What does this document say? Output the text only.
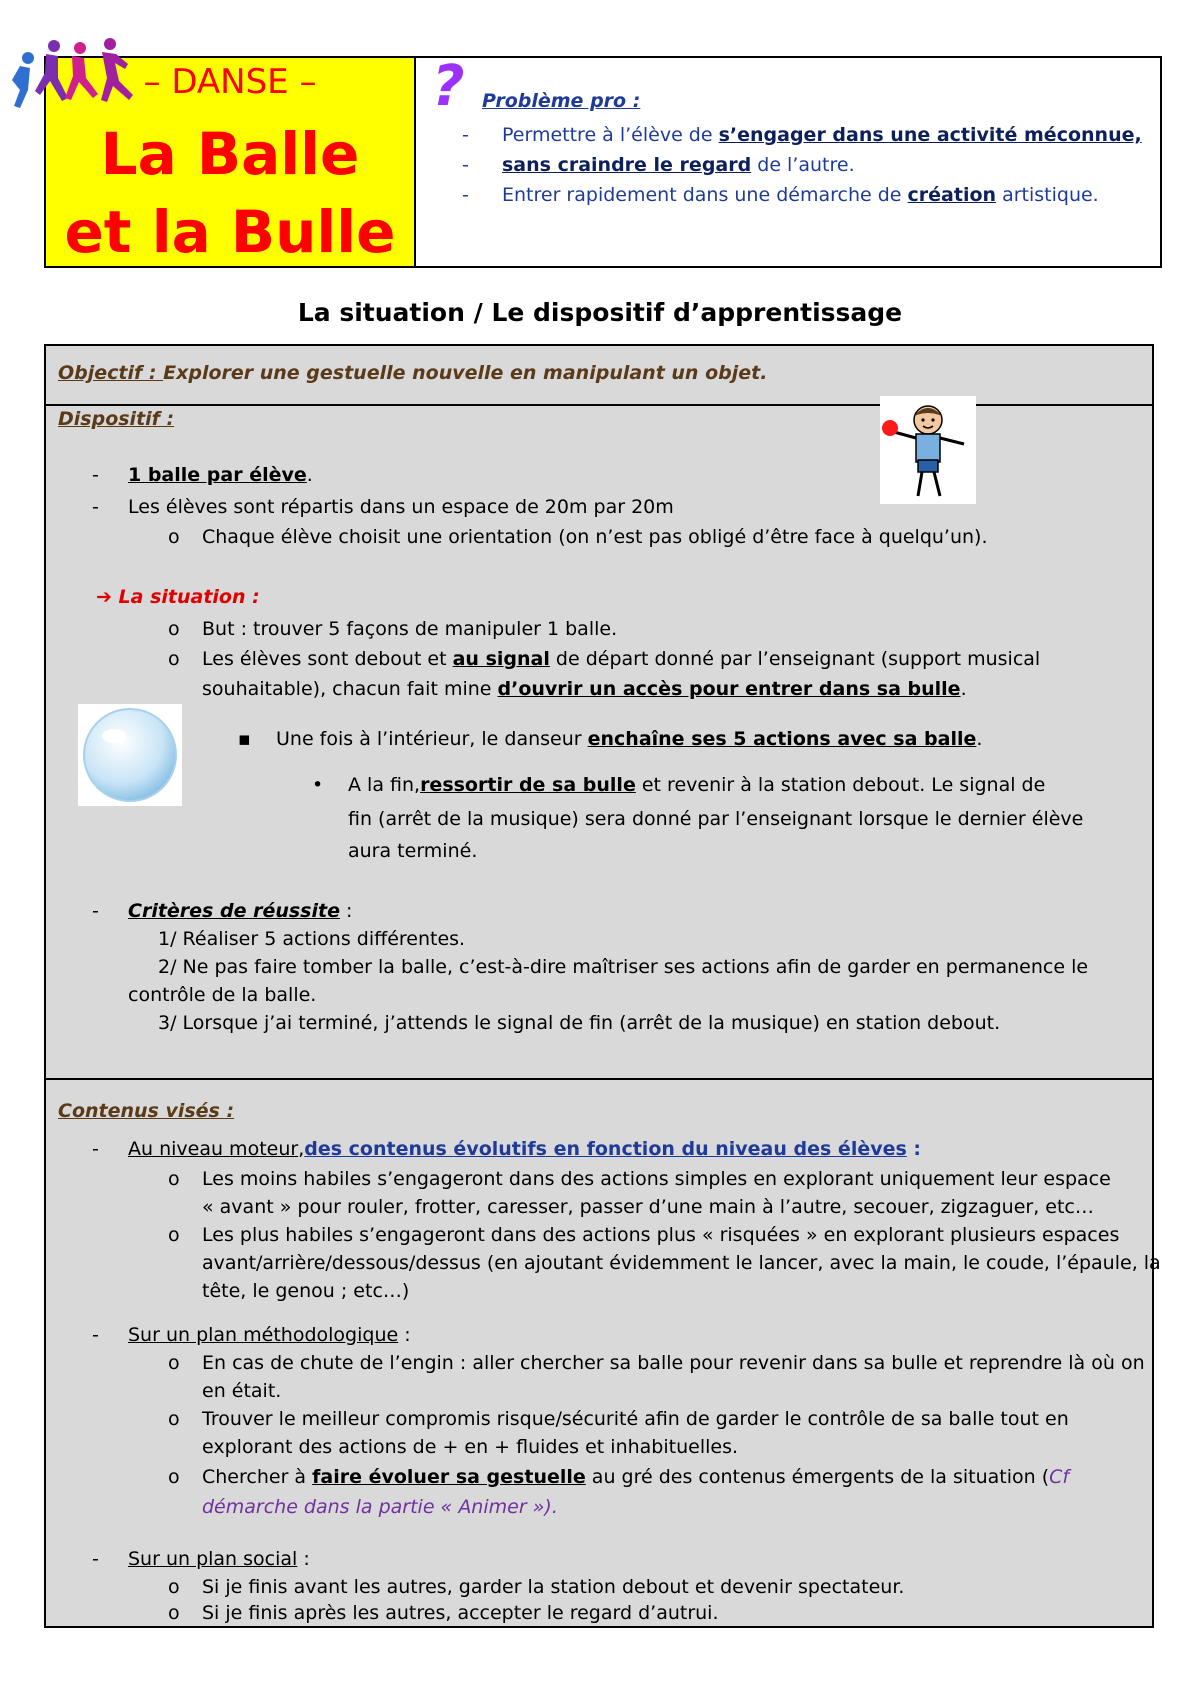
– DANSE –
La Balle
et la Bulle
? Problème pro :
- Permettre à l’élève de s’engager dans une activité méconnue,
- sans craindre le regard de l’autre.
- Entrer rapidement dans une démarche de création artistique.
La situation / Le dispositif d’apprentissage
Objectif : Explorer une gestuelle nouvelle en manipulant un objet.
Dispositif :
- 1 balle par élève.
- Les élèves sont répartis dans un espace de 20m par 20m
o Chaque élève choisit une orientation (on n’est pas obligé d’être face à quelqu’un).
➔ La situation :
o But : trouver 5 façons de manipuler 1 balle.
o Les élèves sont debout et au signal de départ donné par l’enseignant (support musical
souhaitable), chacun fait mine d’ouvrir un accès pour entrer dans sa bulle.
▪ Une fois à l’intérieur, le danseur enchaîne ses 5 actions avec sa balle.
• A la fin,ressortir de sa bulle et revenir à la station debout. Le signal de
fin (arrêt de la musique) sera donné par l’enseignant lorsque le dernier élève
aura terminé.
- Critères de réussite :
1/ Réaliser 5 actions différentes.
2/ Ne pas faire tomber la balle, c’est-à-dire maîtriser ses actions afin de garder en permanence le
contrôle de la balle.
3/ Lorsque j’ai terminé, j’attends le signal de fin (arrêt de la musique) en station debout.
Contenus visés :
- Au niveau moteur,des contenus évolutifs en fonction du niveau des élèves :
o Les moins habiles s’engageront dans des actions simples en explorant uniquement leur espace
« avant » pour rouler, frotter, caresser, passer d’une main à l’autre, secouer, zigzaguer, etc…
o Les plus habiles s’engageront dans des actions plus « risquées » en explorant plusieurs espaces
avant/arrière/dessous/dessus (en ajoutant évidemment le lancer, avec la main, le coude, l’épaule, la
tête, le genou ; etc…)
- Sur un plan méthodologique :
o En cas de chute de l’engin : aller chercher sa balle pour revenir dans sa bulle et reprendre là où on
en était.
o Trouver le meilleur compromis risque/sécurité afin de garder le contrôle de sa balle tout en
explorant des actions de + en + fluides et inhabituelles.
o Chercher à faire évoluer sa gestuelle au gré des contenus émergents de la situation (Cf
démarche dans la partie « Animer »).
- Sur un plan social :
o Si je finis avant les autres, garder la station debout et devenir spectateur.
o Si je finis après les autres, accepter le regard d’autrui.
